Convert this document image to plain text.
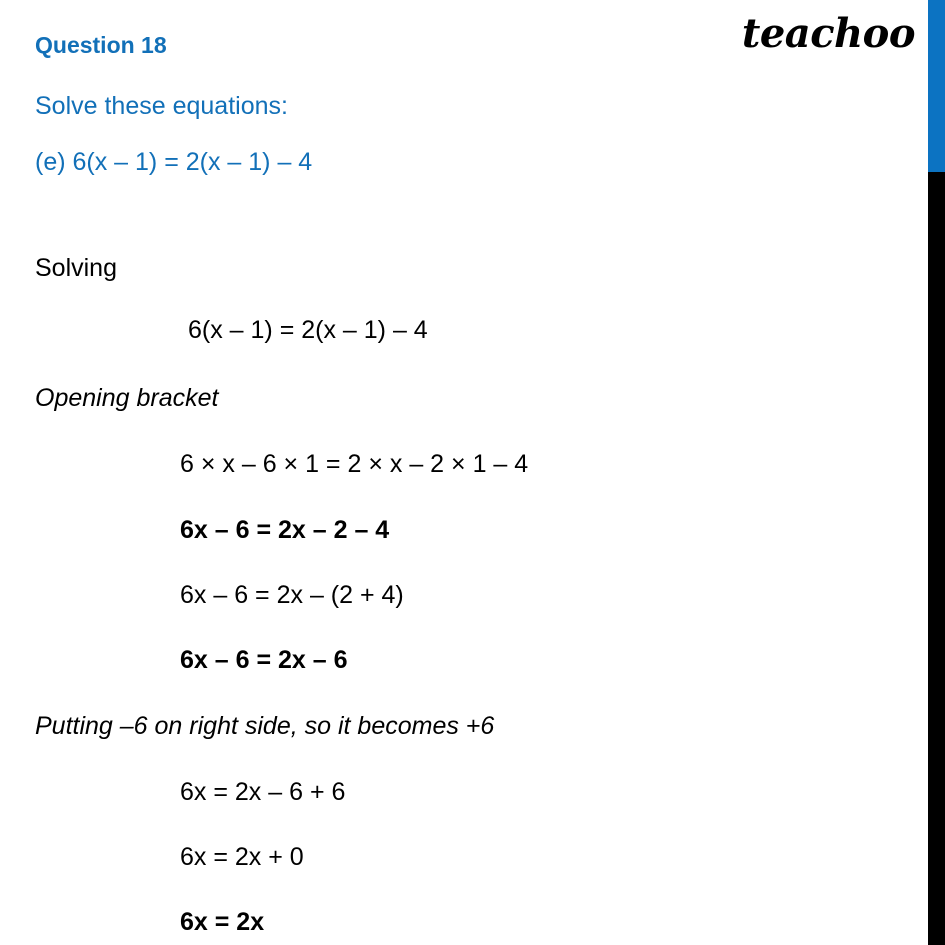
teachoo
Question 18
Solve these equations:
(e) 6(x – 1) = 2(x – 1) – 4
Solving
6(x – 1) = 2(x – 1) – 4
Opening bracket
6 × x – 6 × 1 = 2 × x – 2 × 1 – 4
6x – 6 = 2x – 2 – 4
6x – 6 = 2x – (2 + 4)
6x – 6 = 2x – 6
Putting –6 on right side, so it becomes +6
6x = 2x – 6 + 6
6x = 2x + 0
6x = 2x
